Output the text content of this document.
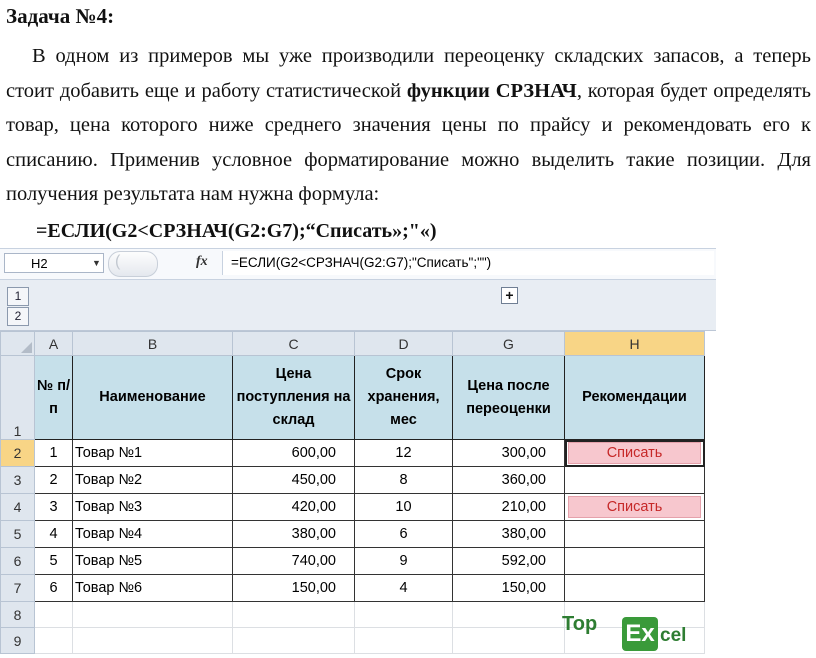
Задача №4:
В одном из примеров мы уже производили переоценку складских запасов, а теперь стоит добавить еще и работу статистической функции СРЗНАЧ, которая будет определять товар, цена которого ниже среднего значения цены по прайсу и рекомендовать его к списанию. Применив условное форматирование можно выделить такие позиции. Для получения результата нам нужна формула:
=ЕСЛИ(G2<СРЗНАЧ(G2:G7);“Списать»;"«)
H2	▼ (	fx	=ЕСЛИ(G2<СРЗНАЧ(G2:G7);"Списать";"")
1
2
+
	A	B	C	D	G	H
1	№ п/п	Наименование	Цена поступления на склад	Срок хранения, мес	Цена после переоценки	Рекомендации
2	1	Товар №1	600,00	12	300,00	Списать

3	2	Товар №2	450,00	8	360,00	

4	3	Товар №3	420,00	10	210,00	Списать

5	4	Товар №4	380,00	6	380,00	

6	5	Товар №5	740,00	9	592,00	

7	6	Товар №6	150,00	4	150,00	

8						
9						
Top Ex cel
